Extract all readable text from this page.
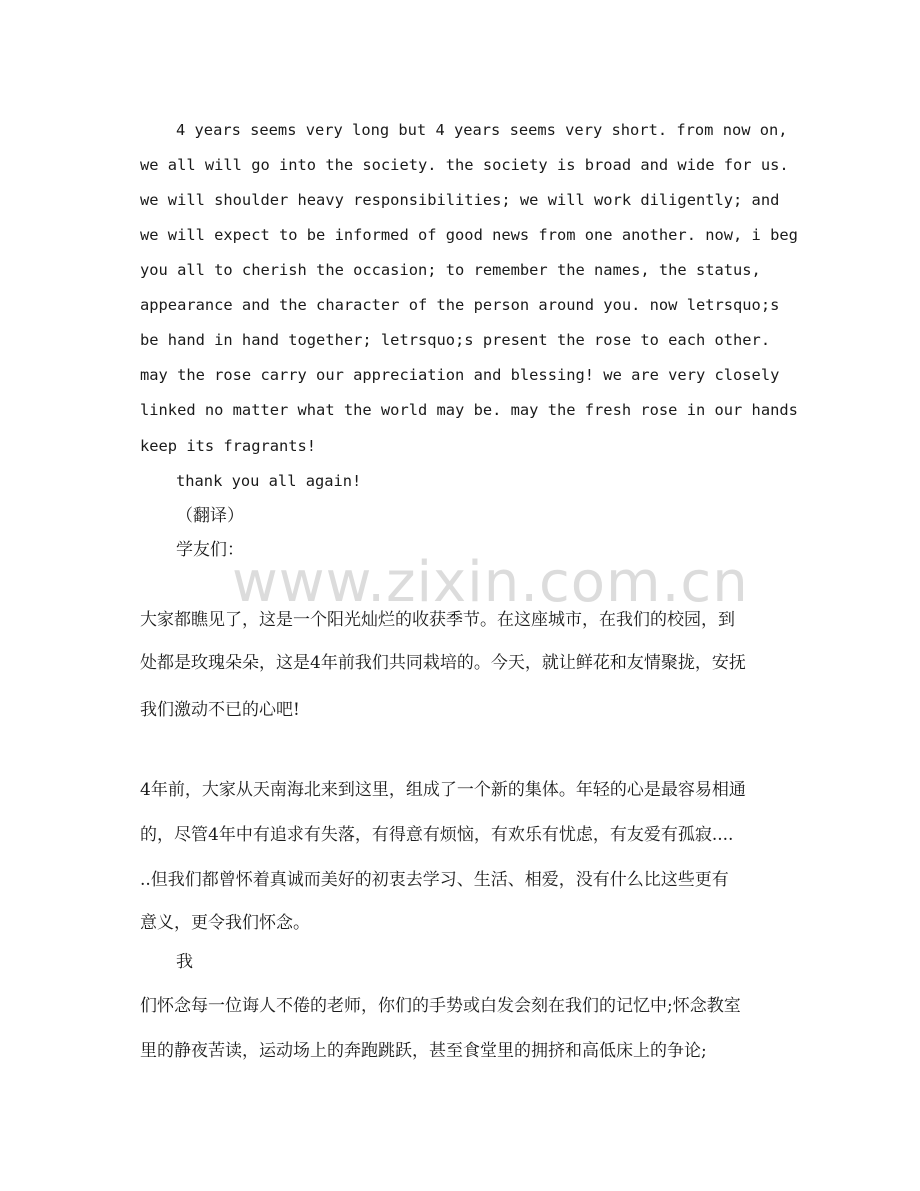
www.zixin.com.cn
4 years seems very long but 4 years seems very short. from now on,
we all will go into the society. the society is broad and wide for us.
we will shoulder heavy responsibilities; we will work diligently; and
we will expect to be informed of good news from one another. now, i beg
you all to cherish the occasion; to remember the names, the status,
appearance and the character of the person around you. now letrsquo;s
be hand in hand together; letrsquo;s present the rose to each other.
may the rose carry our appreciation and blessing! we are very closely
linked no matter what the world may be. may the fresh rose in our hands
keep its fragrants!
thank you all again!
（翻译）
学友们：
大家都瞧见了，这是一个阳光灿烂的收获季节。在这座城市，在我们的校园，到
处都是玫瑰朵朵，这是4年前我们共同栽培的。今天，就让鲜花和友情聚拢，安抚
我们激动不已的心吧!
4年前，大家从天南海北来到这里，组成了一个新的集体。年轻的心是最容易相通
的，尽管4年中有追求有失落，有得意有烦恼，有欢乐有忧虑，有友爱有孤寂....
..但我们都曾怀着真诚而美好的初衷去学习、生活、相爱，没有什么比这些更有
意义，更令我们怀念。
我
们怀念每一位诲人不倦的老师，你们的手势或白发会刻在我们的记忆中;怀念教室
里的静夜苦读，运动场上的奔跑跳跃，甚至食堂里的拥挤和高低床上的争论;
